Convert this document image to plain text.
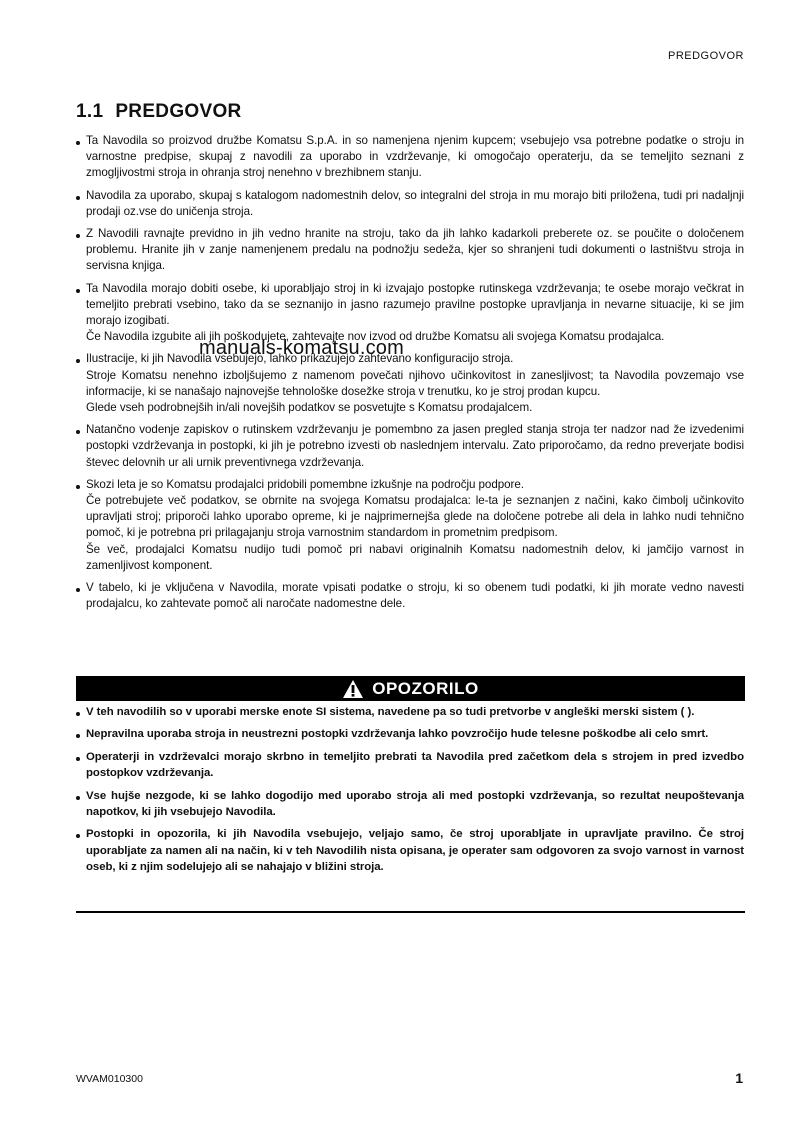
PREDGOVOR
1.1 PREDGOVOR

Ta Navodila so proizvod družbe Komatsu S.p.A. in so namenjena njenim kupcem; vsebujejo vsa potrebne podatke o stroju in varnostne predpise, skupaj z navodili za uporabo in vzdrževanje, ki omogočajo operaterju, da se temeljito seznani z zmogljivostmi stroja in ohranja stroj nenehno v brezhibnem stanju.

Navodila za uporabo, skupaj s katalogom nadomestnih delov, so integralni del stroja in mu morajo biti priložena, tudi pri nadaljnji prodaji oz.vse do uničenja stroja.

Z Navodili ravnajte previdno in jih vedno hranite na stroju, tako da jih lahko kadarkoli preberete oz. se poučite o določenem problemu. Hranite jih v zanje namenjenem predalu na podnožju sedeža, kjer so shranjeni tudi dokumenti o lastništvu stroja in servisna knjiga.

Ta Navodila morajo dobiti osebe, ki uporabljajo stroj in ki izvajajo postopke rutinskega vzdrževanja; te osebe morajo večkrat in temeljito prebrati vsebino, tako da se seznanijo in jasno razumejo pravilne postopke upravljanja in nevarne situacije, ki se jim morajo izogibati.

Če Navodila izgubite ali jih poškodujete, zahtevajte nov izvod od družbe Komatsu ali svojega Komatsu prodajalca.

Ilustracije, ki jih Navodila vsebujejo, lahko prikazujejo zahtevano konfiguracijo stroja.

Stroje Komatsu nenehno izboljšujemo z namenom povečati njihovo učinkovitost in zanesljivost; ta Navodila povzemajo vse informacije, ki se nanašajo najnovejše tehnološke dosežke stroja v trenutku, ko je stroj prodan kupcu.

Glede vseh podrobnejših in/ali novejših podatkov se posvetujte s Komatsu prodajalcem.

Natančno vodenje zapiskov o rutinskem vzdrževanju je pomembno za jasen pregled stanja stroja ter nadzor nad že izvedenimi postopki vzdrževanja in postopki, ki jih je potrebno izvesti ob naslednjem intervalu. Zato priporočamo, da redno preverjate bodisi števec delovnih ur ali urnik preventivnega vzdrževanja.

Skozi leta je so Komatsu prodajalci pridobili pomembne izkušnje na področju podpore.

Če potrebujete več podatkov, se obrnite na svojega Komatsu prodajalca: le-ta je seznanjen z načini, kako čimbolj učinkovito upravljati stroj; priporoči lahko uporabo opreme, ki je najprimernejša glede na določene potrebe ali dela in lahko nudi tehnično pomoč, ki je potrebna pri prilagajanju stroja varnostnim standardom in prometnim predpisom.

Še več, prodajalci Komatsu nudijo tudi pomoč pri nabavi originalnih Komatsu nadomestnih delov, ki jamčijo varnost in zamenljivost komponent.

V tabelo, ki je vključena v Navodila, morate vpisati podatke o stroju, ki so obenem tudi podatki, ki jih morate vedno navesti prodajalcu, ko zahtevate pomoč ali naročate nadomestne dele.

manuals-komatsu.com
OPOZORILO
V teh navodilih so v uporabi merske enote SI sistema, navedene pa so tudi pretvorbe v angleški merski sistem ( ).
Nepravilna uporaba stroja in neustrezni postopki vzdrževanja lahko povzročijo hude telesne poškodbe ali celo smrt.
Operaterji in vzdrževalci morajo skrbno in temeljito prebrati ta Navodila pred začetkom dela s strojem in pred izvedbo postopkov vzdrževanja.
Vse hujše nezgode, ki se lahko dogodijo med uporabo stroja ali med postopki vzdrževanja, so rezultat neupoštevanja napotkov, ki jih vsebujejo Navodila.
Postopki in opozorila, ki jih Navodila vsebujejo, veljajo samo, če stroj uporabljate in upravljate pravilno. Če stroj uporabljate za namen ali na način, ki v teh Navodilih nista opisana, je operater sam odgovoren za svojo varnost in varnost oseb, ki z njim sodelujejo ali se nahajajo v bližini stroja.
WVAM010300	1
